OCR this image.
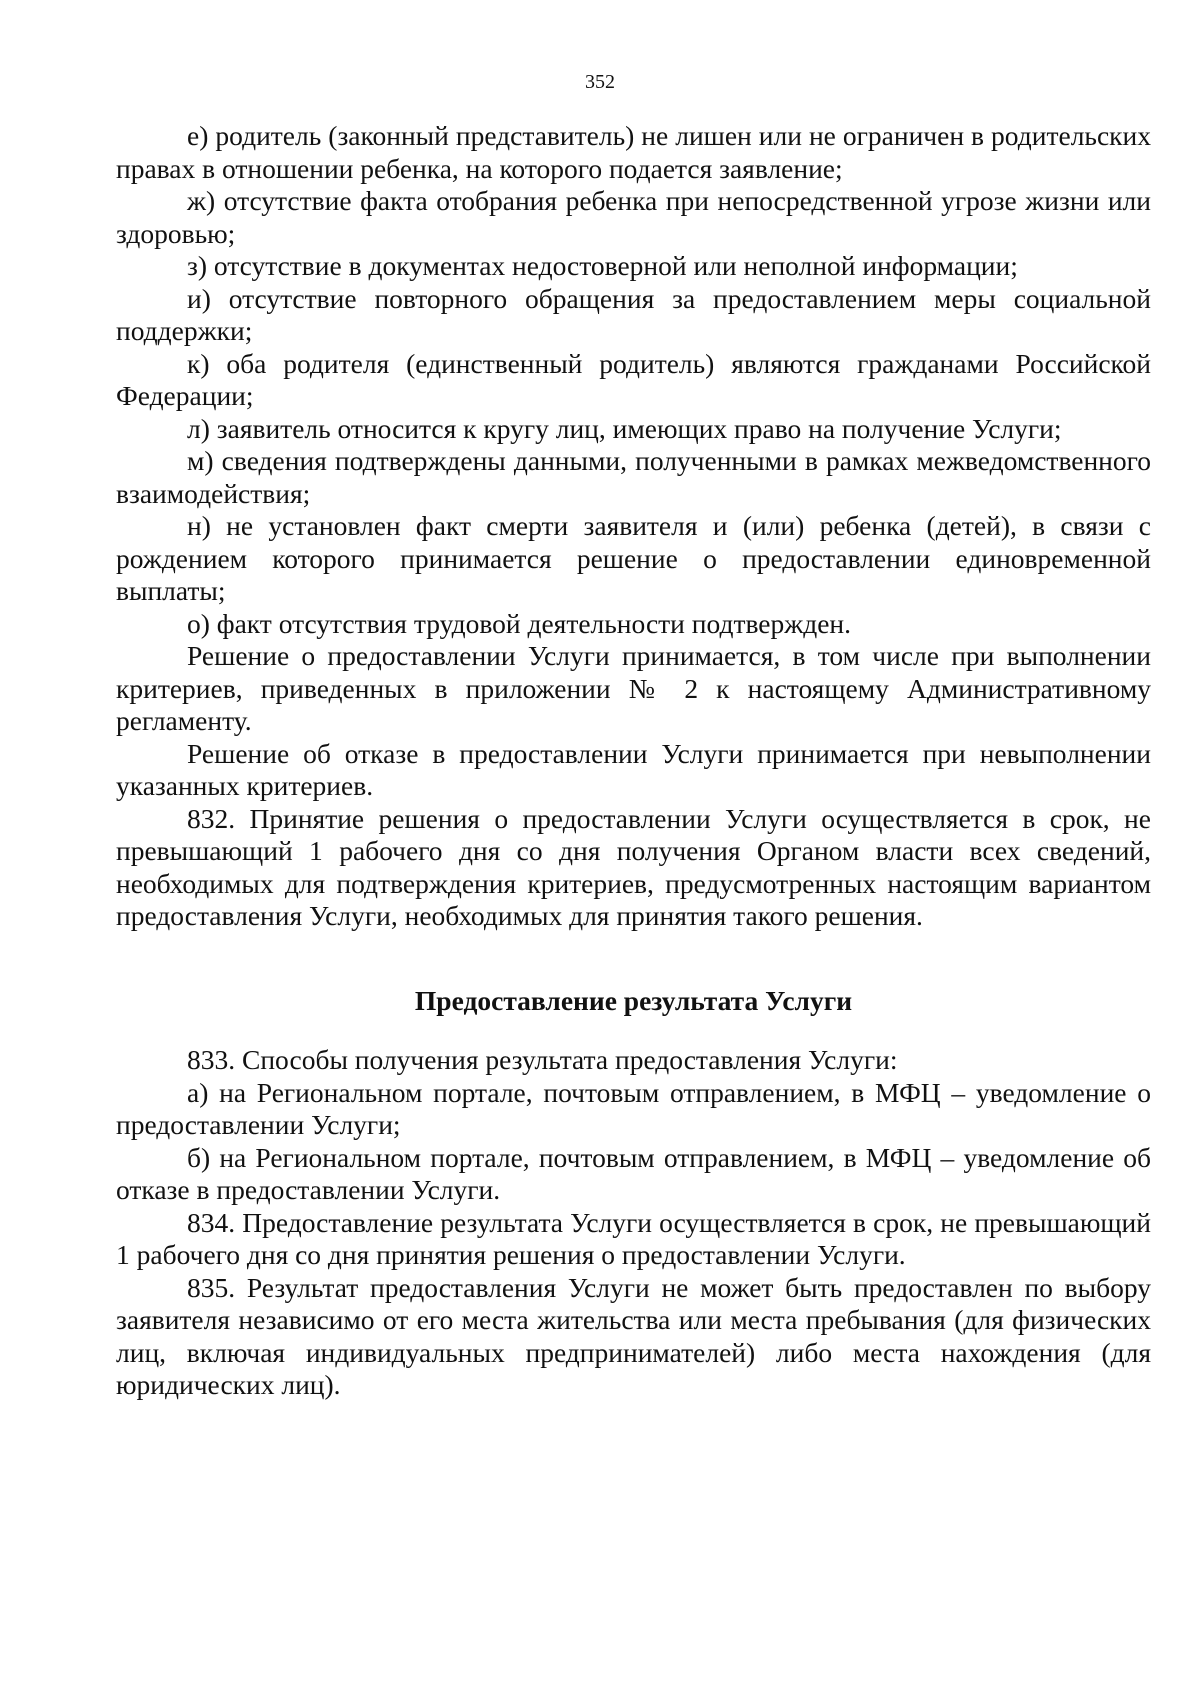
352

е) родитель (законный представитель) не лишен или не ограничен в родительских правах в отношении ребенка, на которого подается заявление;

ж) отсутствие факта отобрания ребенка при непосредственной угрозе жизни или здоровью;

з) отсутствие в документах недостоверной или неполной информации;

и) отсутствие повторного обращения за предоставлением меры социальной поддержки;

к) оба родителя (единственный родитель) являются гражданами Российской Федерации;

л) заявитель относится к кругу лиц, имеющих право на получение Услуги;

м) сведения подтверждены данными, полученными в рамках межведомственного взаимодействия;

н) не установлен факт смерти заявителя и (или) ребенка (детей), в связи с рождением которого принимается решение о предоставлении единовременной выплаты;

о) факт отсутствия трудовой деятельности подтвержден.

Решение о предоставлении Услуги принимается, в том числе при выполнении критериев, приведенных в приложении № 2 к настоящему Административному регламенту.

Решение об отказе в предоставлении Услуги принимается при невыполнении указанных критериев.

832. Принятие решения о предоставлении Услуги осуществляется в срок, не превышающий 1 рабочего дня со дня получения Органом власти всех сведений, необходимых для подтверждения критериев, предусмотренных настоящим вариантом предоставления Услуги, необходимых для принятия такого решения.

Предоставление результата Услуги

833. Способы получения результата предоставления Услуги:

а) на Региональном портале, почтовым отправлением, в МФЦ – уведомление о предоставлении Услуги;

б) на Региональном портале, почтовым отправлением, в МФЦ – уведомление об отказе в предоставлении Услуги.

834. Предоставление результата Услуги осуществляется в срок, не превышающий 1 рабочего дня со дня принятия решения о предоставлении Услуги.

835. Результат предоставления Услуги не может быть предоставлен по выбору заявителя независимо от его места жительства или места пребывания (для физических лиц, включая индивидуальных предпринимателей) либо места нахождения (для юридических лиц).
